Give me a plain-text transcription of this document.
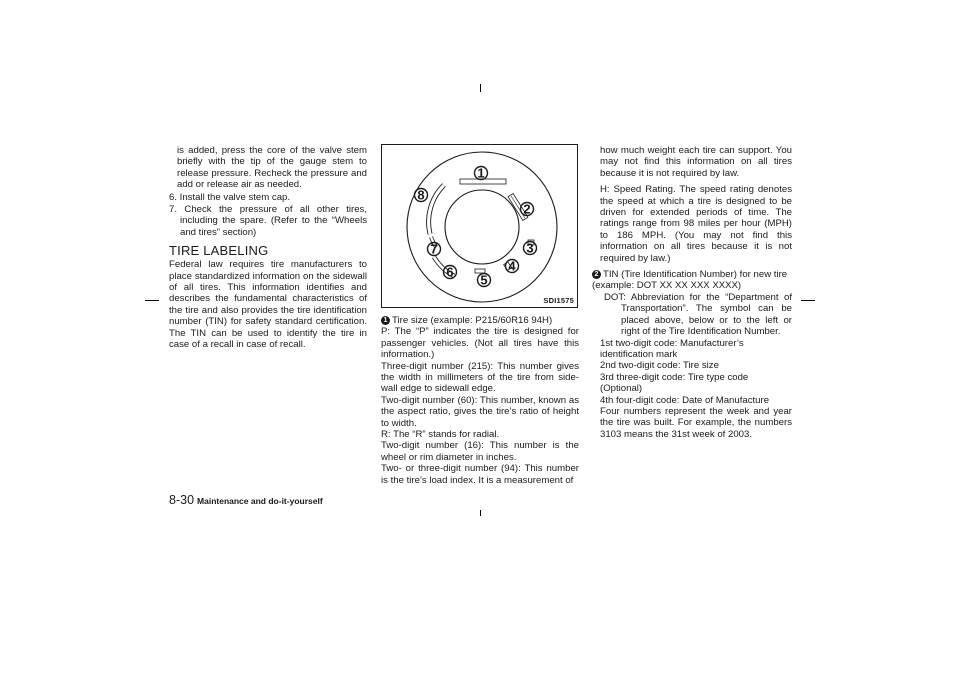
is added, press the core of the valve stem briefly with the tip of the gauge stem to release pressure. Recheck the pressure and add or release air as needed.

6. Install the valve stem cap.

7. Check the pressure of all other tires, including the spare. (Refer to the “Wheels and tires” section)

TIRE LABELING

Federal law requires tire manufacturers to place standardized information on the sidewall of all tires. This information identifies and describes the fundamental characteristics of the tire and also provides the tire identification number (TIN) for safety standard certification. The TIN can be used to identify the tire in case of a recall in case of recall.

1
2
3
4
5
6
7
8
SDI1575

1 Tire size (example: P215/60R16 94H)

P: The “P” indicates the tire is designed for passenger vehicles. (Not all tires have this information.)

Three-digit number (215): This number gives the width in millimeters of the tire from side-wall edge to sidewall edge.

Two-digit number (60): This number, known as the aspect ratio, gives the tire’s ratio of height to width.

R: The “R” stands for radial.

Two-digit number (16): This number is the wheel or rim diameter in inches.

Two- or three-digit number (94): This number is the tire’s load index. It is a measurement of

how much weight each tire can support. You may not find this information on all tires because it is not required by law.

H: Speed Rating. The speed rating denotes the speed at which a tire is designed to be driven for extended periods of time. The ratings range from 98 miles per hour (MPH) to 186 MPH. (You may not find this information on all tires because it is not required by law.)

2 TIN (Tire Identification Number) for new tire (example: DOT XX XX XXX XXXX)

DOT: Abbreviation for the “Department of Transportation”. The symbol can be placed above, below or to the left or right of the Tire Identification Number.

1st two-digit code: Manufacturer’s identification mark

2nd two-digit code: Tire size

3rd three-digit code: Tire type code (Optional)

4th four-digit code: Date of Manufacture

Four numbers represent the week and year the tire was built. For example, the numbers 3103 means the 31st week of 2003.

8-30 Maintenance and do-it-yourself
